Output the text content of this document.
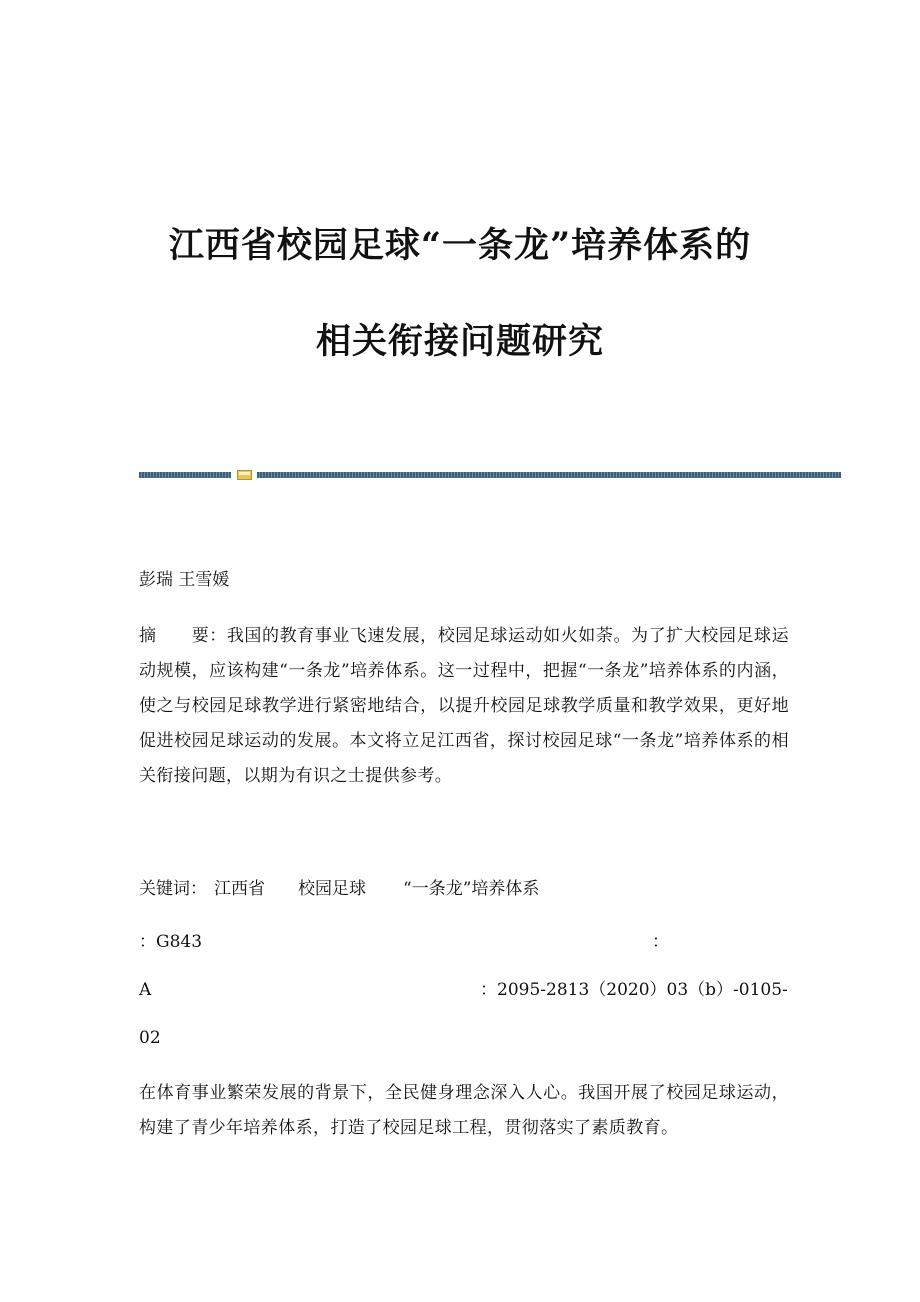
江西省校园足球“一条龙”培养体系的
相关衔接问题研究
彭瑞 王雪媛

摘　　要：我国的教育事业飞速发展，校园足球运动如火如荼。为了扩大校园足球运动规模，应该构建“一条龙”培养体系。这一过程中，把握“一条龙”培养体系的内涵，使之与校园足球教学进行紧密地结合，以提升校园足球教学质量和教学效果，更好地促进校园足球运动的发展。本文将立足江西省，探讨校园足球“一条龙”培养体系的相关衔接问题，以期为有识之士提供参考。

关键词： 江西省 校园足球 “一条龙”培养体系
：G843	：
A	：2095-2813（2020）03（b）-0105-
02

在体育事业繁荣发展的背景下，全民健身理念深入人心。我国开展了校园足球运动，构建了青少年培养体系，打造了校园足球工程，贯彻落实了素质教育。
